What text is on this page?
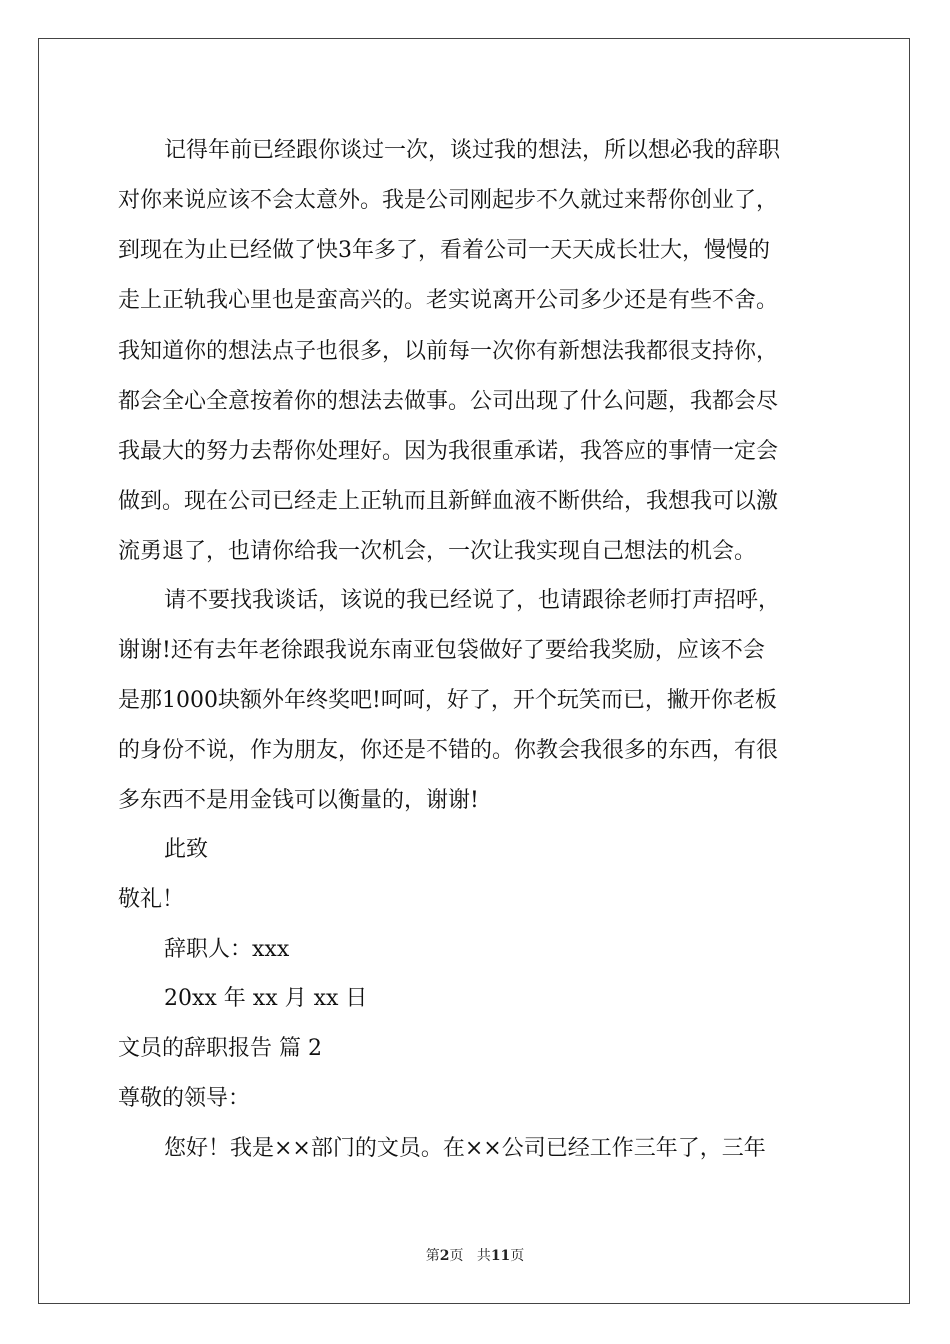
记得年前已经跟你谈过一次，谈过我的想法，所以想必我的辞职
对你来说应该不会太意外。我是公司刚起步不久就过来帮你创业了，
到现在为止已经做了快3年多了，看着公司一天天成长壮大，慢慢的
走上正轨我心里也是蛮高兴的。老实说离开公司多少还是有些不舍。
我知道你的想法点子也很多，以前每一次你有新想法我都很支持你，
都会全心全意按着你的想法去做事。公司出现了什么问题，我都会尽
我最大的努力去帮你处理好。因为我很重承诺，我答应的事情一定会
做到。现在公司已经走上正轨而且新鲜血液不断供给，我想我可以激
流勇退了，也请你给我一次机会，一次让我实现自己想法的机会。
请不要找我谈话，该说的我已经说了，也请跟徐老师打声招呼，
谢谢!还有去年老徐跟我说东南亚包袋做好了要给我奖励，应该不会
是那1000块额外年终奖吧!呵呵，好了，开个玩笑而已，撇开你老板
的身份不说，作为朋友，你还是不错的。你教会我很多的东西，有很
多东西不是用金钱可以衡量的，谢谢!
此致
敬礼！
辞职人：xxx
20xx 年 xx 月 xx 日
文员的辞职报告 篇 2
尊敬的领导：
您好！我是××部门的文员。在××公司已经工作三年了，三年
第2页 共11页
